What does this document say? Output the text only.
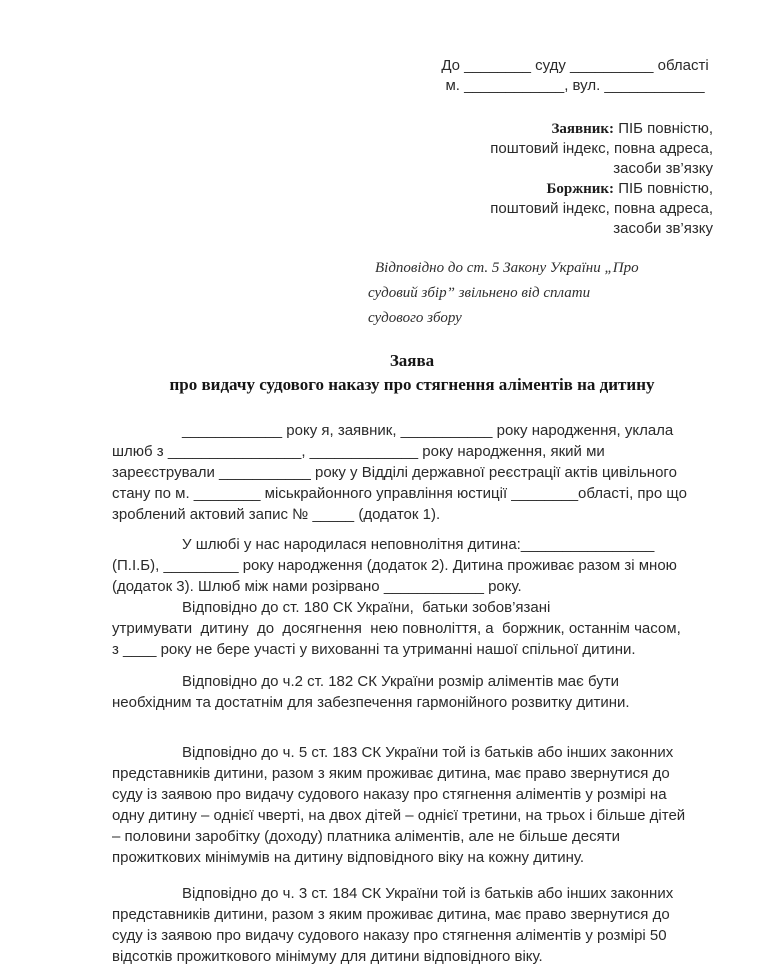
До ________ суду __________ області
м. ____________, вул. ____________
Заявник: ПІБ повністю,
поштовий індекс, повна адреса,
засоби зв’язку
Боржник: ПІБ повністю,
поштовий індекс, повна адреса,
засоби зв’язку
Відповідно до ст. 5 Закону України „Про
судовий збір” звільнено від сплати
судового збору
Заява
про видачу судового наказу про стягнення аліментів на дитину
____________ року я, заявник, ___________ року народження, уклала
шлюб з ________________, _____________ року народження, який ми
зареєстрували ___________ року у Відділі державної реєстрації актів цивільного
стану по м. ________ міськрайонного управління юстиції ________області, про що
зроблений актовий запис № _____ (додаток 1).
У шлюбі у нас народилася неповнолітня дитина:________________
(П.І.Б), _________ року народження (додаток 2). Дитина проживає разом зі мною
(додаток 3). Шлюб між нами розірвано ____________ року.
Відповідно до ст. 180 СК України,  батьки зобов’язані
утримувати  дитину  до  досягнення  нею повноліття, а  боржник, останнім часом,
з ____ року не бере участі у вихованні та утриманні нашої спільної дитини.
Відповідно до ч.2 ст. 182 СК України розмір аліментів має бути
необхідним та достатнім для забезпечення гармонійного розвитку дитини.
Відповідно до ч. 5 ст. 183 СК України той із батьків або інших законних
представників дитини, разом з яким проживає дитина, має право звернутися до
суду із заявою про видачу судового наказу про стягнення аліментів у розмірі на
одну дитину – однієї чверті, на двох дітей – однієї третини, на трьох і більше дітей
– половини заробітку (доходу) платника аліментів, але не більше десяти
прожиткових мінімумів на дитину відповідного віку на кожну дитину.
Відповідно до ч. 3 ст. 184 СК України той із батьків або інших законних
представників дитини, разом з яким проживає дитина, має право звернутися до
суду із заявою про видачу судового наказу про стягнення аліментів у розмірі 50
відсотків прожиткового мінімуму для дитини відповідного віку.
